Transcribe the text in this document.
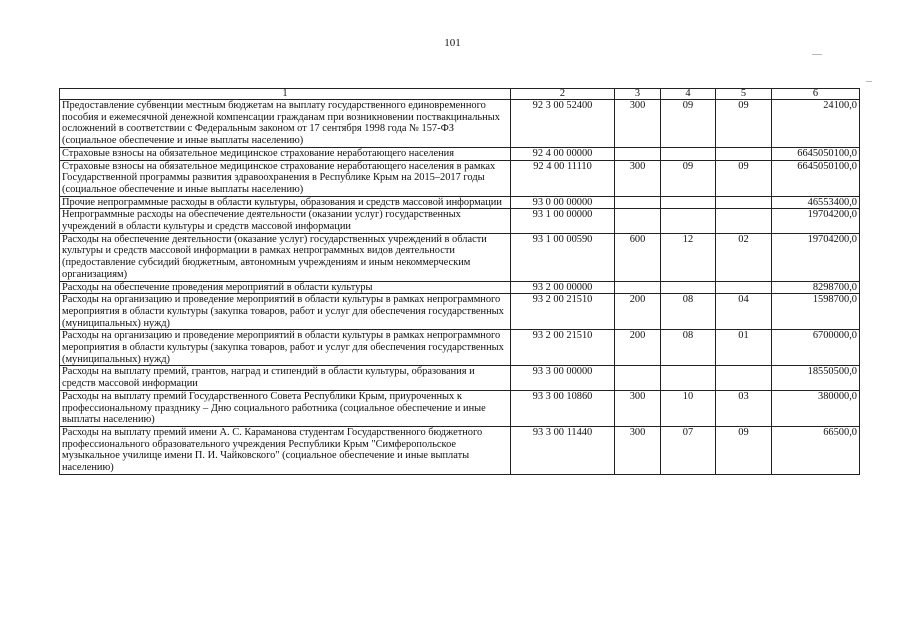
101
1	2	3	4	5	6
Предоставление субвенции местным бюджетам на выплату государственного единовременного пособия и ежемесячной денежной компенсации гражданам при возникновении поствакцинальных осложнений в соответствии с Федеральным законом от 17 сентября 1998 года № 157-ФЗ (социальное обеспечение и иные выплаты населению)	92 3 00 52400	300	09	09	24100,0
Страховые взносы на обязательное медицинское страхование неработающего населения	92 4 00 00000				6645050100,0
Страховые взносы на обязательное медицинское страхование неработающего населения в рамках Государственной программы развития здравоохранения в Республике Крым на 2015–2017 годы (социальное обеспечение и иные выплаты населению)	92 4 00 11110	300	09	09	6645050100,0
Прочие непрограммные расходы в области культуры, образования и средств массовой информации	93 0 00 00000				46553400,0
Непрограммные расходы на обеспечение деятельности (оказании услуг) государственных учреждений в области культуры и средств массовой информации	93 1 00 00000				19704200,0
Расходы на обеспечение деятельности (оказание услуг) государственных учреждений в области культуры и средств массовой информации в рамках непрограммных видов деятельности (предоставление субсидий бюджетным, автономным учреждениям и иным некоммерческим организациям)	93 1 00 00590	600	12	02	19704200,0
Расходы на обеспечение проведения мероприятий в области культуры	93 2 00 00000				8298700,0
Расходы на организацию и проведение мероприятий в области культуры в рамках непрограммного мероприятия в области культуры (закупка товаров, работ и услуг для обеспечения государственных (муниципальных) нужд)	93 2 00 21510	200	08	04	1598700,0
Расходы на организацию и проведение мероприятий в области культуры в рамках непрограммного мероприятия в области культуры (закупка товаров, работ и услуг для обеспечения государственных (муниципальных) нужд)	93 2 00 21510	200	08	01	6700000,0
Расходы на выплату премий, грантов, наград и стипендий в области культуры, образования и средств массовой информации	93 3 00 00000				18550500,0
Расходы на выплату премий Государственного Совета Республики Крым, приуроченных к профессиональному празднику – Дню социального работника (социальное обеспечение и иные выплаты населению)	93 3 00 10860	300	10	03	380000,0
Расходы на выплату премий имени А. С. Караманова студентам Государственного бюджетного профессионального образовательного учреждения Республики Крым "Симферопольское музыкальное училище имени П. И. Чайковского" (социальное обеспечение и иные выплаты населению)	93 3 00 11440	300	07	09	66500,0
